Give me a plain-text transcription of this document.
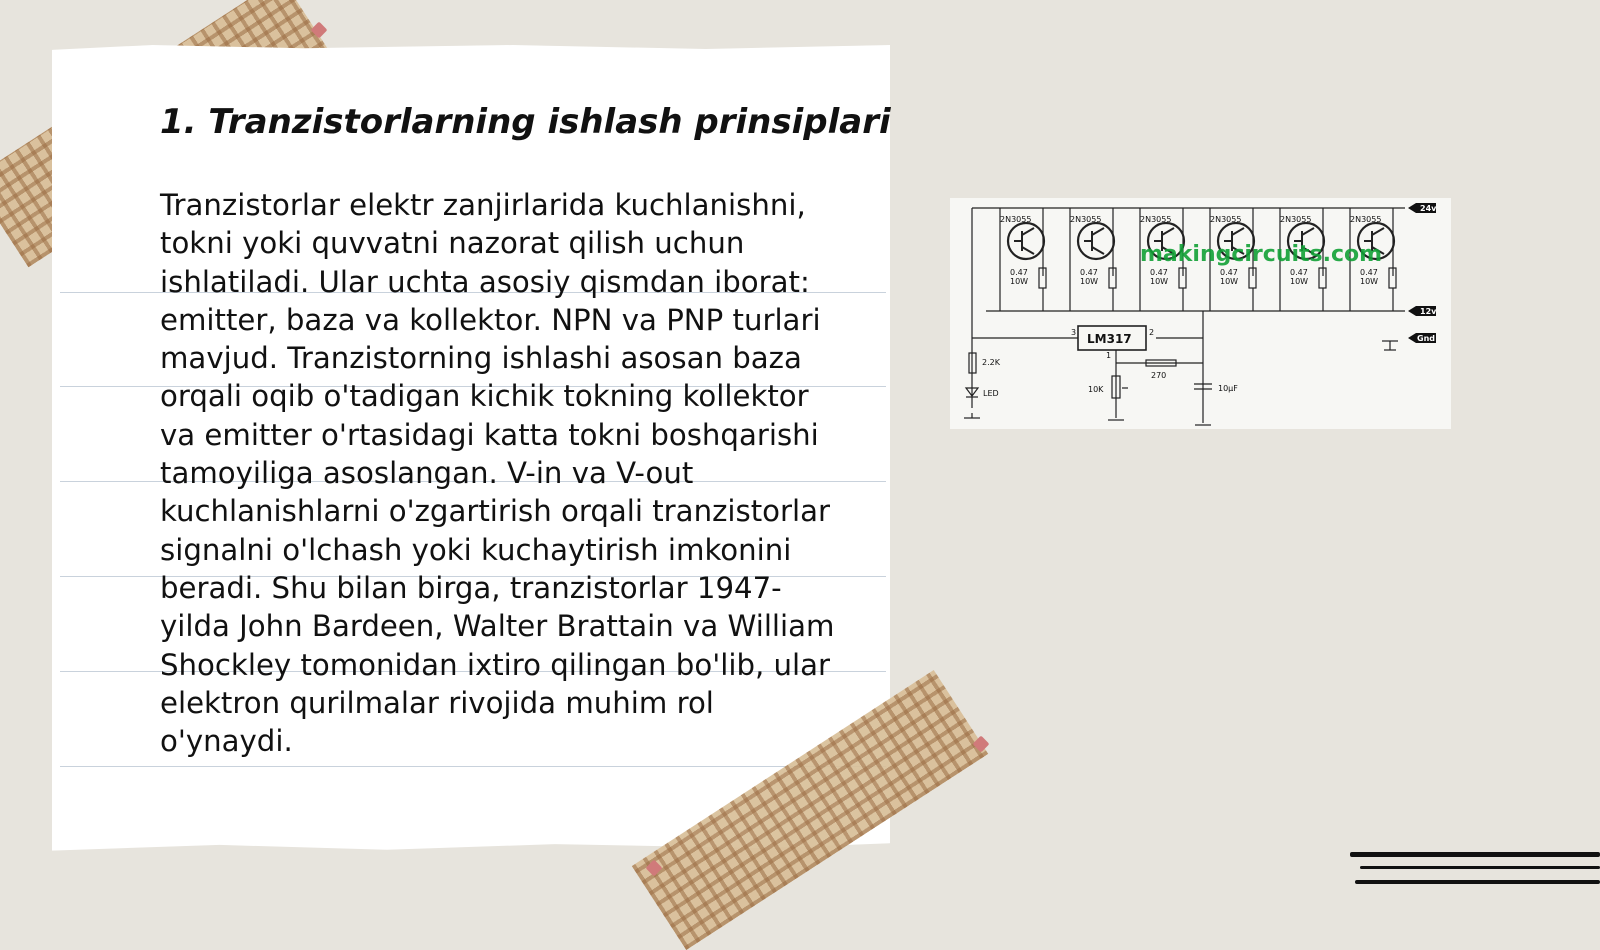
1. Tranzistorlarning ishlash prinsiplari

Tranzistorlar elektr zanjirlarida kuchlanishni, tokni yoki quvvatni nazorat qilish uchun ishlatiladi. Ular uchta asosiy qismdan iborat: emitter, baza va kollektor. NPN va PNP turlari mavjud. Tranzistorning ishlashi asosan baza orqali oqib o'tadigan kichik tokning kollektor va emitter o'rtasidagi katta tokni boshqarishi tamoyiliga asoslangan. V-in va V-out kuchlanishlarni o'zgartirish orqali tranzistorlar signalni o'lchash yoki kuchaytirish imkonini beradi. Shu bilan birga, tranzistorlar 1947-yilda John Bardeen, Walter Brattain va William Shockley tomonidan ixtiro qilingan bo'lib, ular elektron qurilmalar rivojida muhim rol o'ynaydi.

2N3055	2N3055	2N3055	2N3055	2N3055	2N3055
0.47
10W
0.47
10W
0.47
10W
0.47
10W
0.47
10W
0.47
10W
24v
12v
Gnd
LM317
3	2
1
2.2K
LED	10K
270
10µF
makingcircuits.com
